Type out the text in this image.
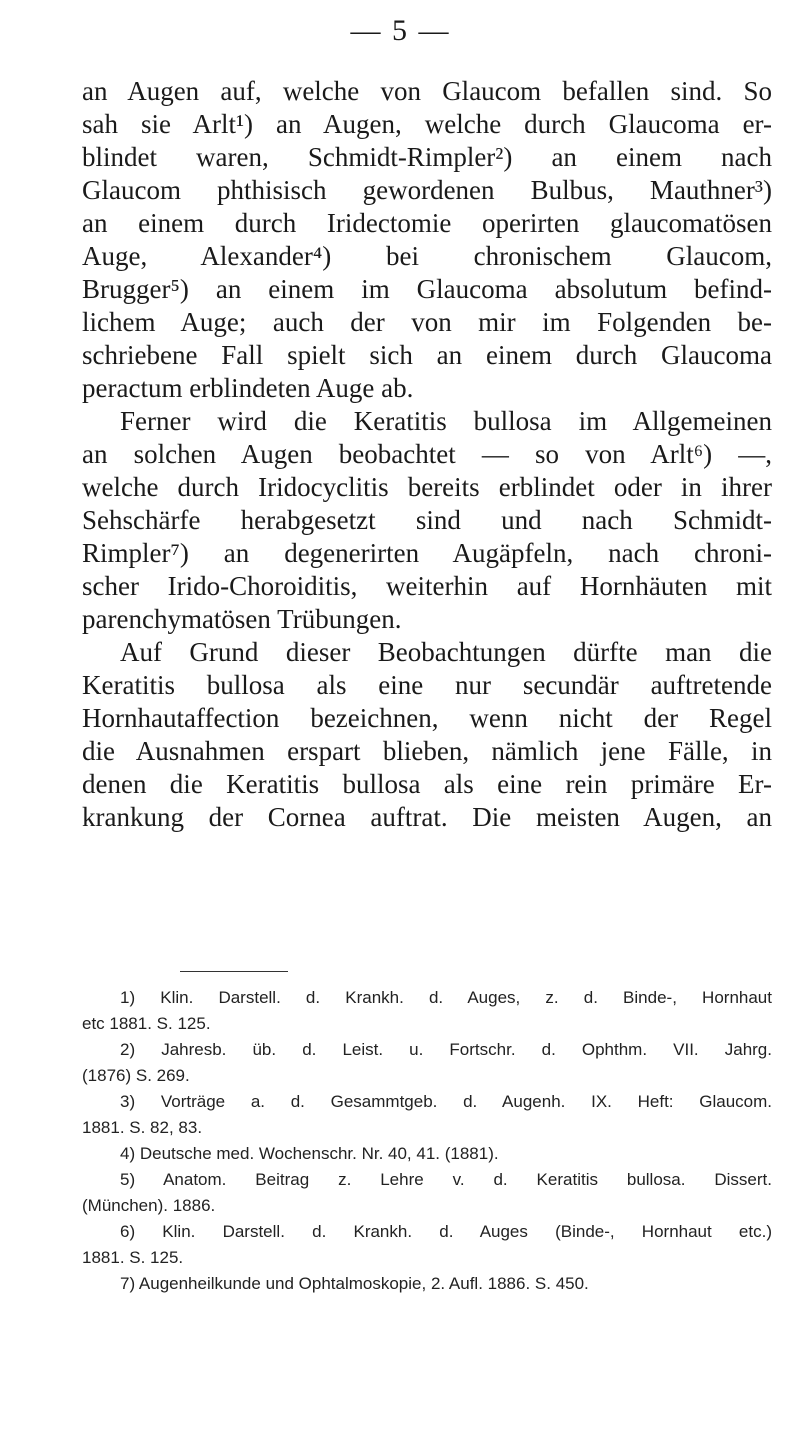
— 5 —

an Augen auf, welche von Glaucom befallen sind. So
sah sie Arlt¹) an Augen, welche durch Glaucoma er-
blindet waren, Schmidt-Rimpler²) an einem nach
Glaucom phthisisch gewordenen Bulbus, Mauthner³)
an einem durch Iridectomie operirten glaucomatösen
Auge, Alexander⁴) bei chronischem Glaucom,
Brugger⁵) an einem im Glaucoma absolutum befind-
lichem Auge; auch der von mir im Folgenden be-
schriebene Fall spielt sich an einem durch Glaucoma
peractum erblindeten Auge ab.

Ferner wird die Keratitis bullosa im Allgemeinen
an solchen Augen beobachtet — so von Arlt⁶) —,
welche durch Iridocyclitis bereits erblindet oder in ihrer
Sehschärfe herabgesetzt sind und nach Schmidt-
Rimpler⁷) an degenerirten Augäpfeln, nach chroni-
scher Irido-Choroiditis, weiterhin auf Hornhäuten mit
parenchymatösen Trübungen.

Auf Grund dieser Beobachtungen dürfte man die
Keratitis bullosa als eine nur secundär auftretende
Hornhautaffection bezeichnen, wenn nicht der Regel
die Ausnahmen erspart blieben, nämlich jene Fälle, in
denen die Keratitis bullosa als eine rein primäre Er-
krankung der Cornea auftrat. Die meisten Augen, an

1) Klin. Darstell. d. Krankh. d. Auges, z. d. Binde-, Hornhaut
etc 1881. S. 125.
2) Jahresb. üb. d. Leist. u. Fortschr. d. Ophthm. VII. Jahrg.
(1876) S. 269.
3) Vorträge a. d. Gesammtgeb. d. Augenh. IX. Heft: Glaucom.
1881. S. 82, 83.
4) Deutsche med. Wochenschr. Nr. 40, 41. (1881).
5) Anatom. Beitrag z. Lehre v. d. Keratitis bullosa. Dissert.
(München). 1886.
6) Klin. Darstell. d. Krankh. d. Auges (Binde-, Hornhaut etc.)
1881. S. 125.
7) Augenheilkunde und Ophtalmoskopie, 2. Aufl. 1886. S. 450.
